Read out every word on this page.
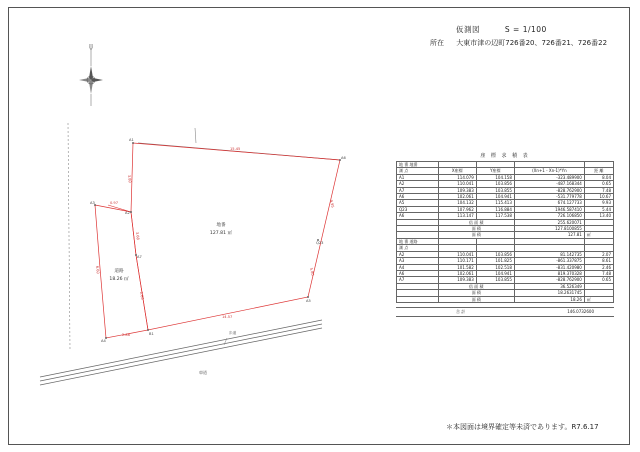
仮測図	S = 1/100
所在 大東市津の辺町726番20、726番21、726番22
A1
A6
A5
B1
A7
A2
A3
A4
Q23
15.45
9.95
14.57
3.80
2.86
6.60
3.68
2.85
5.80
0.97
地番
127.81 ㎡
道路
18.26 ㎡
歩道
車道
座 標 求 積 表
地 番 地番				
測 点	X座標	Y座標	(Xn+1 - Xn-1)*Yn	距 離
A1	114.079	104.158	-323.489900	8.04
A2	110.041	103.856	-487.168344	0.65
A7	109.383	103.855	-828.762900	7.48
A6	102.061	104.941	-531.779778	10.67
A5	104.132	115.413	674.127733	9.93
Q23	107.962	116.884	1946.587410	5.44
A6	113.147	117.538	726.106850	13.40
	倍 面 積		255.620071	
	面 積		127.8100855	
	面 積		127.81	㎡
地 番 道路				
測 点				
A2	110.041	103.856	81.142735	2.07
A3	110.171	101.825	-861.337875	8.61
A4	101.582	102.518	-831.420980	2.46
A6	102.061	104.941	819.370328	7.48
A7	109.383	103.855	-828.762900	0.65
	倍 面 積		36.526349	
	面 積		18.2631745	
	面 積		18.26	㎡
合 計	146.0732600
＊本図面は境界確定等未済であります。R7.6.17
